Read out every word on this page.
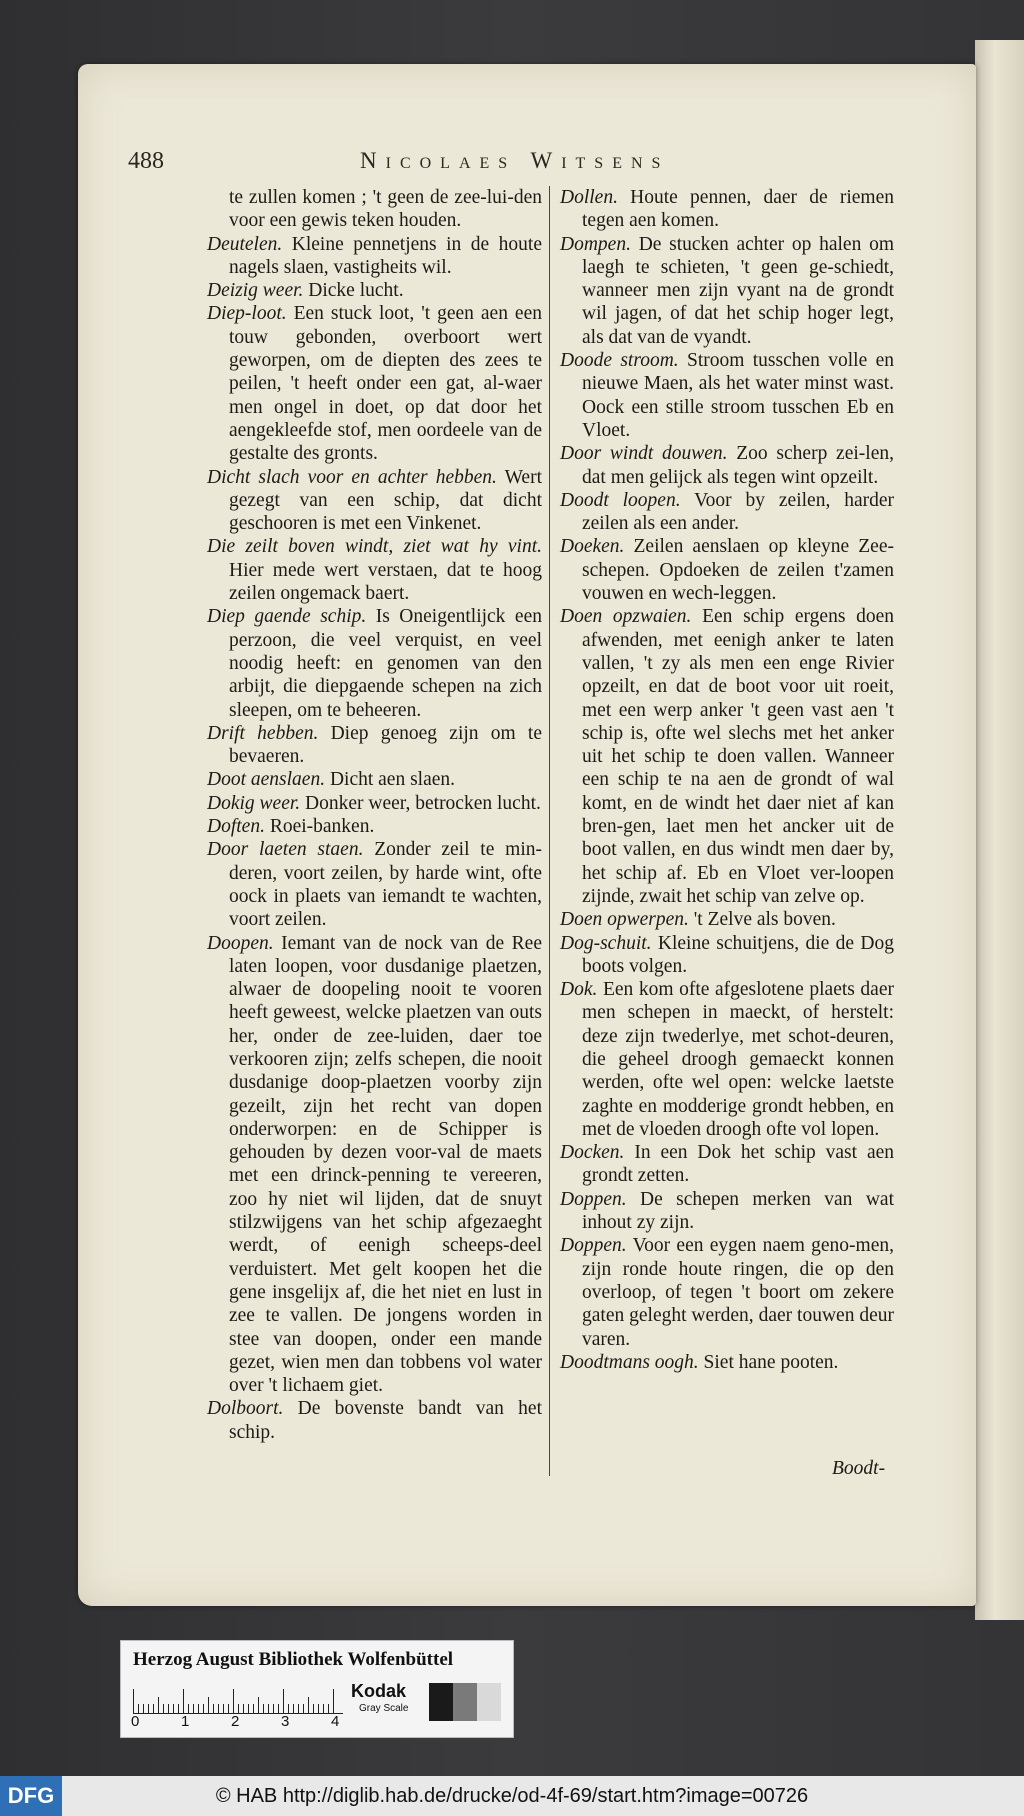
488	Nicolaes Witsens

te zullen komen ; 't geen de zee-lui-den voor een gewis teken houden.

Deutelen. Kleine pennetjens in de houte nagels slaen, vastigheits wil.

Deizig weer. Dicke lucht.

Diep-loot. Een stuck loot, 't geen aen een touw gebonden, overboort wert geworpen, om de diepten des zees te peilen, 't heeft onder een gat, al-waer men ongel in doet, op dat door het aengekleefde stof, men oordeele van de gestalte des gronts.

Dicht slach voor en achter hebben. Wert gezegt van een schip, dat dicht geschooren is met een Vinkenet.

Die zeilt boven windt, ziet wat hy vint. Hier mede wert verstaen, dat te hoog zeilen ongemack baert.

Diep gaende schip. Is Oneigentlijck een perzoon, die veel verquist, en veel noodig heeft: en genomen van den arbijt, die diepgaende schepen na zich sleepen, om te beheeren.

Drift hebben. Diep genoeg zijn om te bevaeren.

Doot aenslaen. Dicht aen slaen.

Dokig weer. Donker weer, betrocken lucht.

Doften. Roei-banken.

Door laeten staen. Zonder zeil te min-deren, voort zeilen, by harde wint, ofte oock in plaets van iemandt te wachten, voort zeilen.

Doopen. Iemant van de nock van de Ree laten loopen, voor dusdanige plaetzen, alwaer de doopeling nooit te vooren heeft geweest, welcke plaetzen van outs her, onder de zee-luiden, daer toe verkooren zijn; zelfs schepen, die nooit dusdanige doop-plaetzen voorby zijn gezeilt, zijn het recht van dopen onderworpen: en de Schipper is gehouden by dezen voor-val de maets met een drinck-penning te vereeren, zoo hy niet wil lijden, dat de snuyt stilzwijgens van het schip afgezaeght werdt, of eenigh scheeps-deel verduistert. Met gelt koopen het die gene insgelijx af, die het niet en lust in zee te vallen. De jongens worden in stee van doopen, onder een mande gezet, wien men dan tobbens vol water over 't lichaem giet.

Dolboort. De bovenste bandt van het schip.

Dollen. Houte pennen, daer de riemen tegen aen komen.

Dompen. De stucken achter op halen om laegh te schieten, 't geen ge-schiedt, wanneer men zijn vyant na de grondt wil jagen, of dat het schip hoger legt, als dat van de vyandt.

Doode stroom. Stroom tusschen volle en nieuwe Maen, als het water minst wast. Oock een stille stroom tusschen Eb en Vloet.

Door windt douwen. Zoo scherp zei-len, dat men gelijck als tegen wint opzeilt.

Doodt loopen. Voor by zeilen, harder zeilen als een ander.

Doeken. Zeilen aenslaen op kleyne Zee-schepen. Opdoeken de zeilen t'zamen vouwen en wech-leggen.

Doen opzwaien. Een schip ergens doen afwenden, met eenigh anker te laten vallen, 't zy als men een enge Rivier opzeilt, en dat de boot voor uit roeit, met een werp anker 't geen vast aen 't schip is, ofte wel slechs met het anker uit het schip te doen vallen. Wanneer een schip te na aen de grondt of wal komt, en de windt het daer niet af kan bren-gen, laet men het ancker uit de boot vallen, en dus windt men daer by, het schip af. Eb en Vloet ver-loopen zijnde, zwait het schip van zelve op.

Doen opwerpen. 't Zelve als boven.

Dog-schuit. Kleine schuitjens, die de Dog boots volgen.

Dok. Een kom ofte afgeslotene plaets daer men schepen in maeckt, of herstelt: deze zijn twederlye, met schot-deuren, die geheel droogh gemaeckt konnen werden, ofte wel open: welcke laetste zaghte en modderige grondt hebben, en met de vloeden droogh ofte vol lopen.

Docken. In een Dok het schip vast aen grondt zetten.

Doppen. De schepen merken van wat inhout zy zijn.

Doppen. Voor een eygen naem geno-men, zijn ronde houte ringen, die op den overloop, of tegen 't boort om zekere gaten geleght werden, daer touwen deur varen.

Doodtmans oogh. Siet hane pooten.

Boodt-
Herzog August Bibliothek Wolfenbüttel
0	1	2	3	4
Kodak
Gray Scale
© HAB http://diglib.hab.de/drucke/od-4f-69/start.htm?image=00726
DFG
